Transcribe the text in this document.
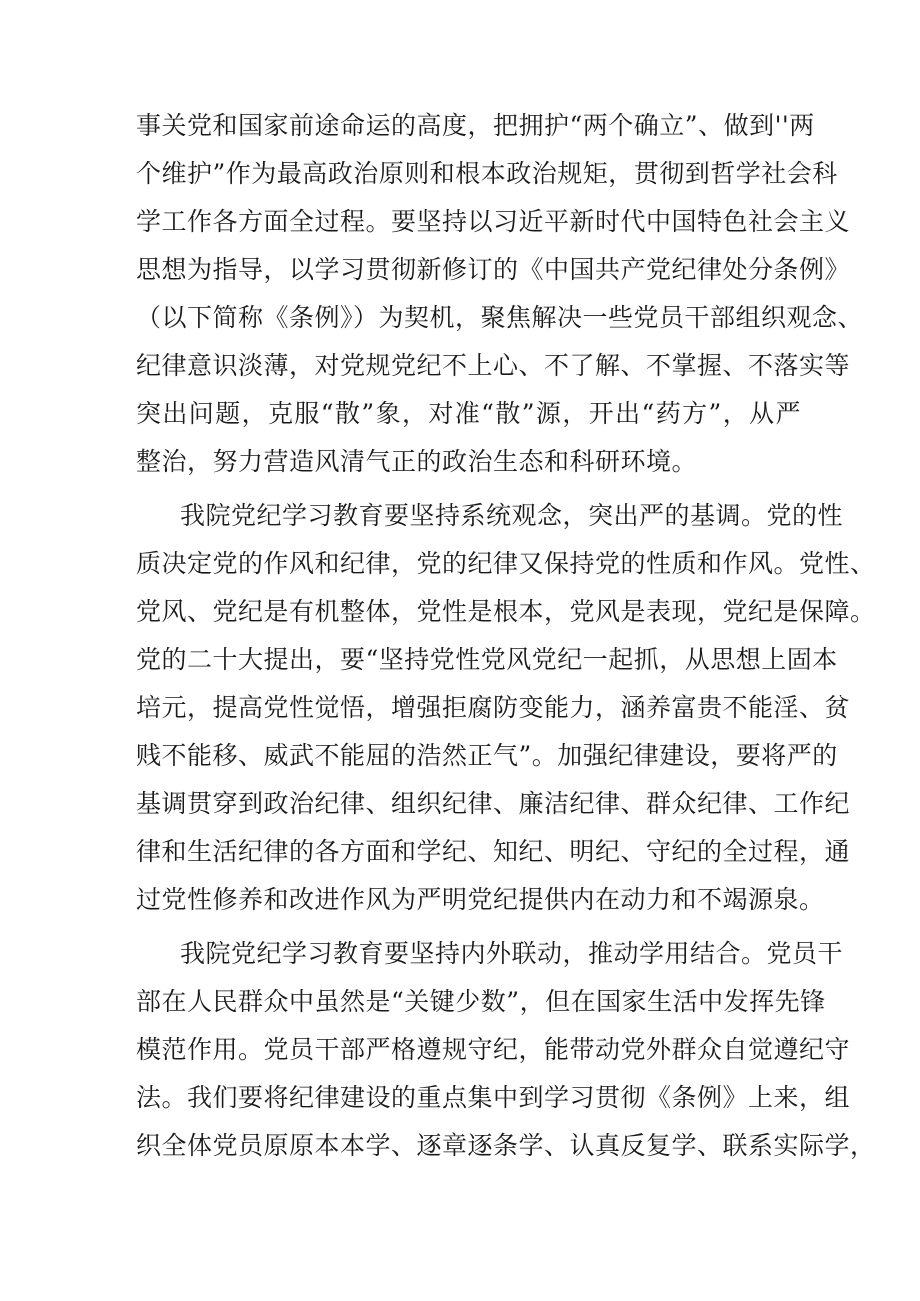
事关党和国家前途命运的高度，把拥护“两个确立”、做到''两
个维护”作为最高政治原则和根本政治规矩，贯彻到哲学社会科
学工作各方面全过程。要坚持以习近平新时代中国特色社会主义
思想为指导，以学习贯彻新修订的《中国共产党纪律处分条例》
（以下简称《条例》）为契机，聚焦解决一些党员干部组织观念、
纪律意识淡薄，对党规党纪不上心、不了解、不掌握、不落实等
突出问题，克服“散”象，对准“散”源，开出“药方”，从严
整治，努力营造风清气正的政治生态和科研环境。
我院党纪学习教育要坚持系统观念，突出严的基调。党的性
质决定党的作风和纪律，党的纪律又保持党的性质和作风。党性、
党风、党纪是有机整体，党性是根本，党风是表现，党纪是保障。
党的二十大提出，要“坚持党性党风党纪一起抓，从思想上固本
培元，提高党性觉悟，增强拒腐防变能力，涵养富贵不能淫、贫
贱不能移、威武不能屈的浩然正气”。加强纪律建设，要将严的
基调贯穿到政治纪律、组织纪律、廉洁纪律、群众纪律、工作纪
律和生活纪律的各方面和学纪、知纪、明纪、守纪的全过程，通
过党性修养和改进作风为严明党纪提供内在动力和不竭源泉。
我院党纪学习教育要坚持内外联动，推动学用结合。党员干
部在人民群众中虽然是“关键少数”，但在国家生活中发挥先锋
模范作用。党员干部严格遵规守纪，能带动党外群众自觉遵纪守
法。我们要将纪律建设的重点集中到学习贯彻《条例》上来，组
织全体党员原原本本学、逐章逐条学、认真反复学、联系实际学，
